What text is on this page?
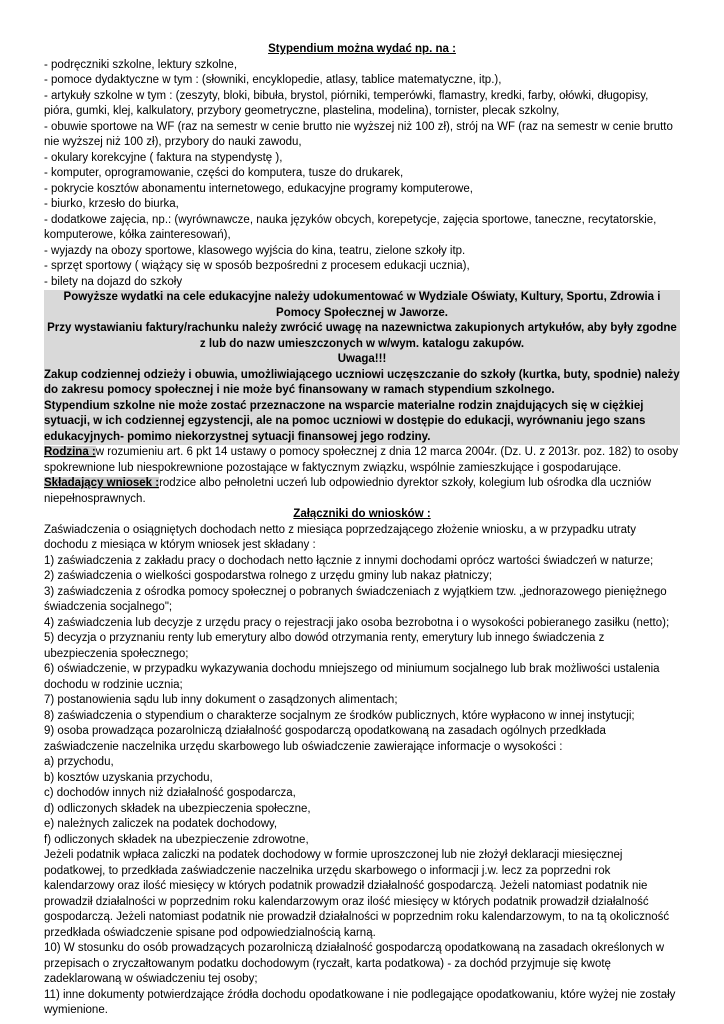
Stypendium można wydać np. na :
- podręczniki szkolne, lektury szkolne,
- pomoce dydaktyczne w tym : (słowniki, encyklopedie, atlasy, tablice matematyczne, itp.),
- artykuły szkolne w tym : (zeszyty, bloki, bibuła, brystol, piórniki, temperówki, flamastry, kredki, farby, ołówki, długopisy, pióra, gumki, klej, kalkulatory, przybory geometryczne, plastelina, modelina), tornister, plecak szkolny,
- obuwie sportowe na WF (raz na semestr w cenie brutto nie wyższej niż 100 zł), strój na WF (raz na semestr w cenie brutto nie wyższej niż 100 zł), przybory do nauki zawodu,
- okulary korekcyjne ( faktura na stypendystę ),
- komputer, oprogramowanie, części do komputera, tusze do drukarek,
- pokrycie kosztów abonamentu internetowego, edukacyjne programy komputerowe,
- biurko, krzesło do biurka,
- dodatkowe zajęcia, np.: (wyrównawcze, nauka języków obcych, korepetycje, zajęcia sportowe, taneczne, recytatorskie, komputerowe, kółka zainteresowań),
- wyjazdy na obozy sportowe, klasowego wyjścia do kina, teatru, zielone szkoły itp.
- sprzęt sportowy ( wiążący się w sposób bezpośredni z procesem edukacji ucznia),
- bilety na dojazd do szkoły
Powyższe wydatki na cele edukacyjne należy udokumentować w Wydziale Oświaty, Kultury, Sportu, Zdrowia i Pomocy Społecznej w Jaworze.
Przy wystawianiu faktury/rachunku należy zwrócić uwagę na nazewnictwa zakupionych artykułów, aby były zgodne z lub do nazw umieszczonych w w/wym. katalogu zakupów.
Uwaga!!!
Zakup codziennej odzieży i obuwia, umożliwiającego uczniowi uczęszczanie do szkoły (kurtka, buty, spodnie) należy do zakresu pomocy społecznej i nie może być finansowany w ramach stypendium szkolnego.
Stypendium szkolne nie może zostać przeznaczone na wsparcie materialne rodzin znajdujących się w ciężkiej sytuacji, w ich codziennej egzystencji, ale na pomoc uczniowi w dostępie do edukacji, wyrównaniu jego szans edukacyjnych- pomimo niekorzystnej sytuacji finansowej jego rodziny.
Rodzina :w rozumieniu art. 6 pkt 14 ustawy o pomocy społecznej z dnia 12 marca 2004r. (Dz. U. z 2013r. poz. 182) to osoby spokrewnione lub niespokrewnione pozostające w faktycznym związku, wspólnie zamieszkujące i gospodarujące.
Składający wniosek :rodzice albo pełnoletni uczeń lub odpowiednio dyrektor szkoły, kolegium lub ośrodka dla uczniów niepełnosprawnych.
Załączniki do wniosków :
Zaświadczenia o osiągniętych dochodach netto z miesiąca poprzedzającego złożenie wniosku, a w przypadku utraty dochodu z miesiąca w którym wniosek jest składany :
1) zaświadczenia z zakładu pracy o dochodach netto łącznie z innymi dochodami oprócz wartości świadczeń w naturze;
2) zaświadczenia o wielkości gospodarstwa rolnego z urzędu gminy lub nakaz płatniczy;
3) zaświadczenia z ośrodka pomocy społecznej o pobranych świadczeniach z wyjątkiem tzw. „jednorazowego pieniężnego świadczenia socjalnego";
4) zaświadczenia lub decyzje z urzędu pracy o rejestracji jako osoba bezrobotna i o wysokości pobieranego zasiłku (netto);
5) decyzja o przyznaniu renty lub emerytury albo dowód otrzymania renty, emerytury lub innego świadczenia z ubezpieczenia społecznego;
6) oświadczenie, w przypadku wykazywania dochodu mniejszego od miniumum socjalnego lub brak możliwości ustalenia dochodu w rodzinie ucznia;
7) postanowienia sądu lub inny dokument o zasądzonych alimentach;
8) zaświadczenia o stypendium o charakterze socjalnym ze środków publicznych, które wypłacono w innej instytucji;
9) osoba prowadząca pozarolniczą działalność gospodarczą opodatkowaną na zasadach ogólnych przedkłada zaświadczenie naczelnika urzędu skarbowego lub oświadczenie zawierające informacje o wysokości :
a) przychodu,
b) kosztów uzyskania przychodu,
c) dochodów innych niż działalność gospodarcza,
d) odliczonych składek na ubezpieczenia społeczne,
e) należnych zaliczek na podatek dochodowy,
f) odliczonych składek na ubezpieczenie zdrowotne,
Jeżeli podatnik wpłaca zaliczki na podatek dochodowy w formie uproszczonej lub nie złożył deklaracji miesięcznej podatkowej, to przedkłada zaświadczenie naczelnika urzędu skarbowego o informacji j.w. lecz za poprzedni rok kalendarzowy oraz ilość miesięcy w których podatnik prowadził działalność gospodarczą. Jeżeli natomiast podatnik nie prowadził działalności w poprzednim roku kalendarzowym oraz ilość miesięcy w których podatnik prowadził działalność gospodarczą. Jeżeli natomiast podatnik nie prowadził działalności w poprzednim roku kalendarzowym, to na tą okoliczność przedkłada oświadczenie spisane pod odpowiedzialnością karną.
10) W stosunku do osób prowadzących pozarolniczą działalność gospodarczą opodatkowaną na zasadach określonych w przepisach o zryczałtowanym podatku dochodowym (ryczałt, karta podatkowa) - za dochód przyjmuje się kwotę zadeklarowaną w oświadczeniu tej osoby;
11) inne dokumenty potwierdzające źródła dochodu opodatkowane i nie podlegające opodatkowaniu, które wyżej nie zostały wymienione.
